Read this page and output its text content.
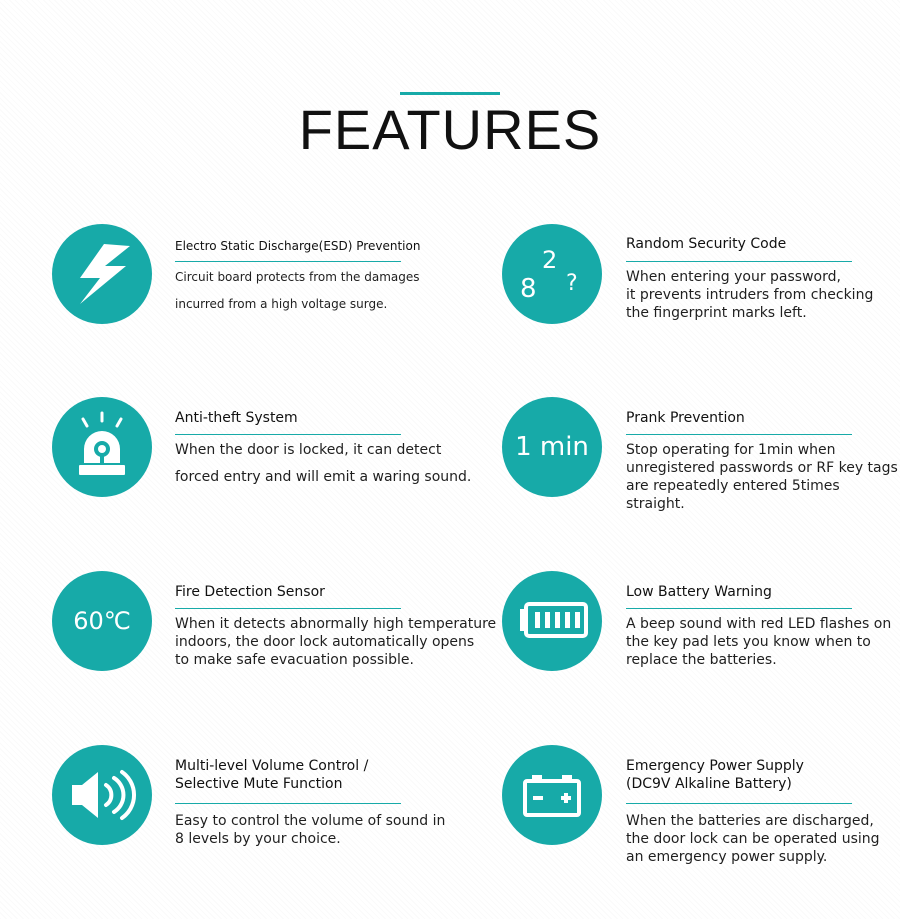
FEATURES

Electro Static Discharge(ESD) Prevention

Circuit board protects from the damages
incurred from a high voltage surge.	8
2
?

Random Security Code

When entering your password,
it prevents intruders from checking
the fingerprint marks left.

Anti-theft System

When the door is locked, it can detect
forced entry and will emit a waring sound.

1 min

Prank Prevention

Stop operating for 1min when
unregistered passwords or RF key tags
are repeatedly entered 5times straight.

60℃

Fire Detection Sensor

When it detects abnormally high temperature
indoors, the door lock automatically opens
to make safe evacuation possible.

Low Battery Warning

A beep sound with red LED flashes on
the key pad lets you know when to
replace the batteries.

Multi-level Volume Control /
Selective Mute Function

Easy to control the volume of sound in
8 levels by your choice.

Emergency Power Supply
(DC9V Alkaline Battery)

When the batteries are discharged,
the door lock can be operated using
an emergency power supply.
